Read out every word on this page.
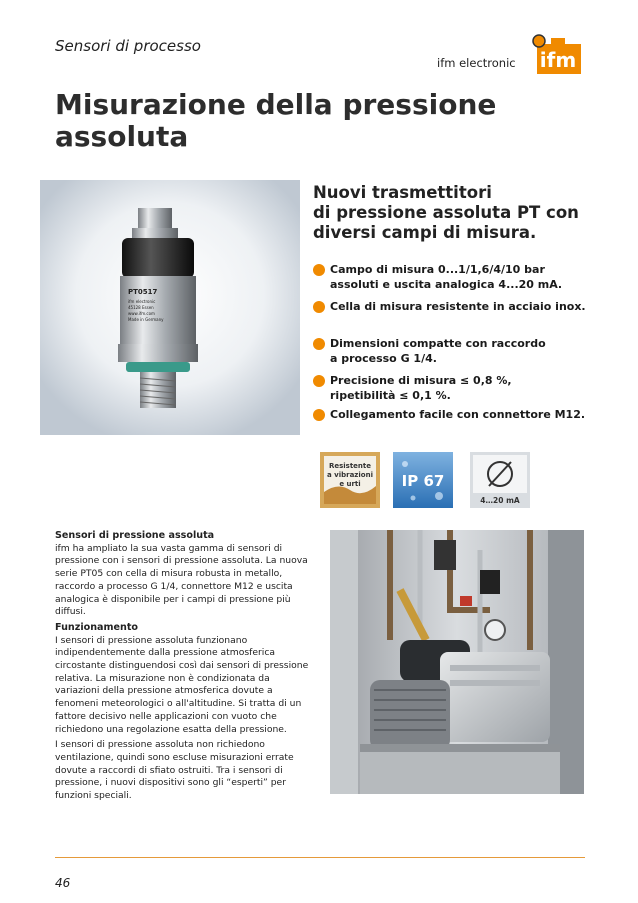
Sensori di processo
ifm electronic ifm
Misurazione della pressione
assoluta
PT0517
ifm electronic
45128 Essen
www.ifm.com
Made in Germany
Nuovi trasmettitori
di pressione assoluta PT con
diversi campi di misura.
Campo di misura 0...1/1,6/4/10 bar
assoluti e uscita analogica 4...20 mA.
Cella di misura resistente in acciaio inox.
Dimensioni compatte con raccordo
a processo G 1/4.
Precisione di misura ≤ 0,8 %,
ripetibilità ≤ 0,1 %.
Collegamento facile con connettore M12.
Resistente
a vibrazioni
e urti	IP 67
4…20 mA

Sensori di pressione assoluta

ifm ha ampliato la sua vasta gamma di sensori di pressione con i sensori di pressione assoluta. La nuova serie PT05 con cella di misura robusta in metallo, raccordo a processo G 1/4, connettore M12 e uscita analogica è disponibile per i campi di pressione più diffusi.

Funzionamento

I sensori di pressione assoluta funzionano indipendentemente dalla pressione atmosferica circostante distinguendosi così dai sensori di pressione relativa. La misurazione non è condizionata da variazioni della pressione atmosferica dovute a fenomeni meteorologici o all'altitudine. Si tratta di un fattore decisivo nelle applicazioni con vuoto che richiedono una regolazione esatta della pressione.

I sensori di pressione assoluta non richiedono ventilazione, quindi sono escluse misurazioni errate dovute a raccordi di sfiato ostruiti. Tra i sensori di pressione, i nuovi dispositivi sono gli “esperti” per funzioni speciali.

46
